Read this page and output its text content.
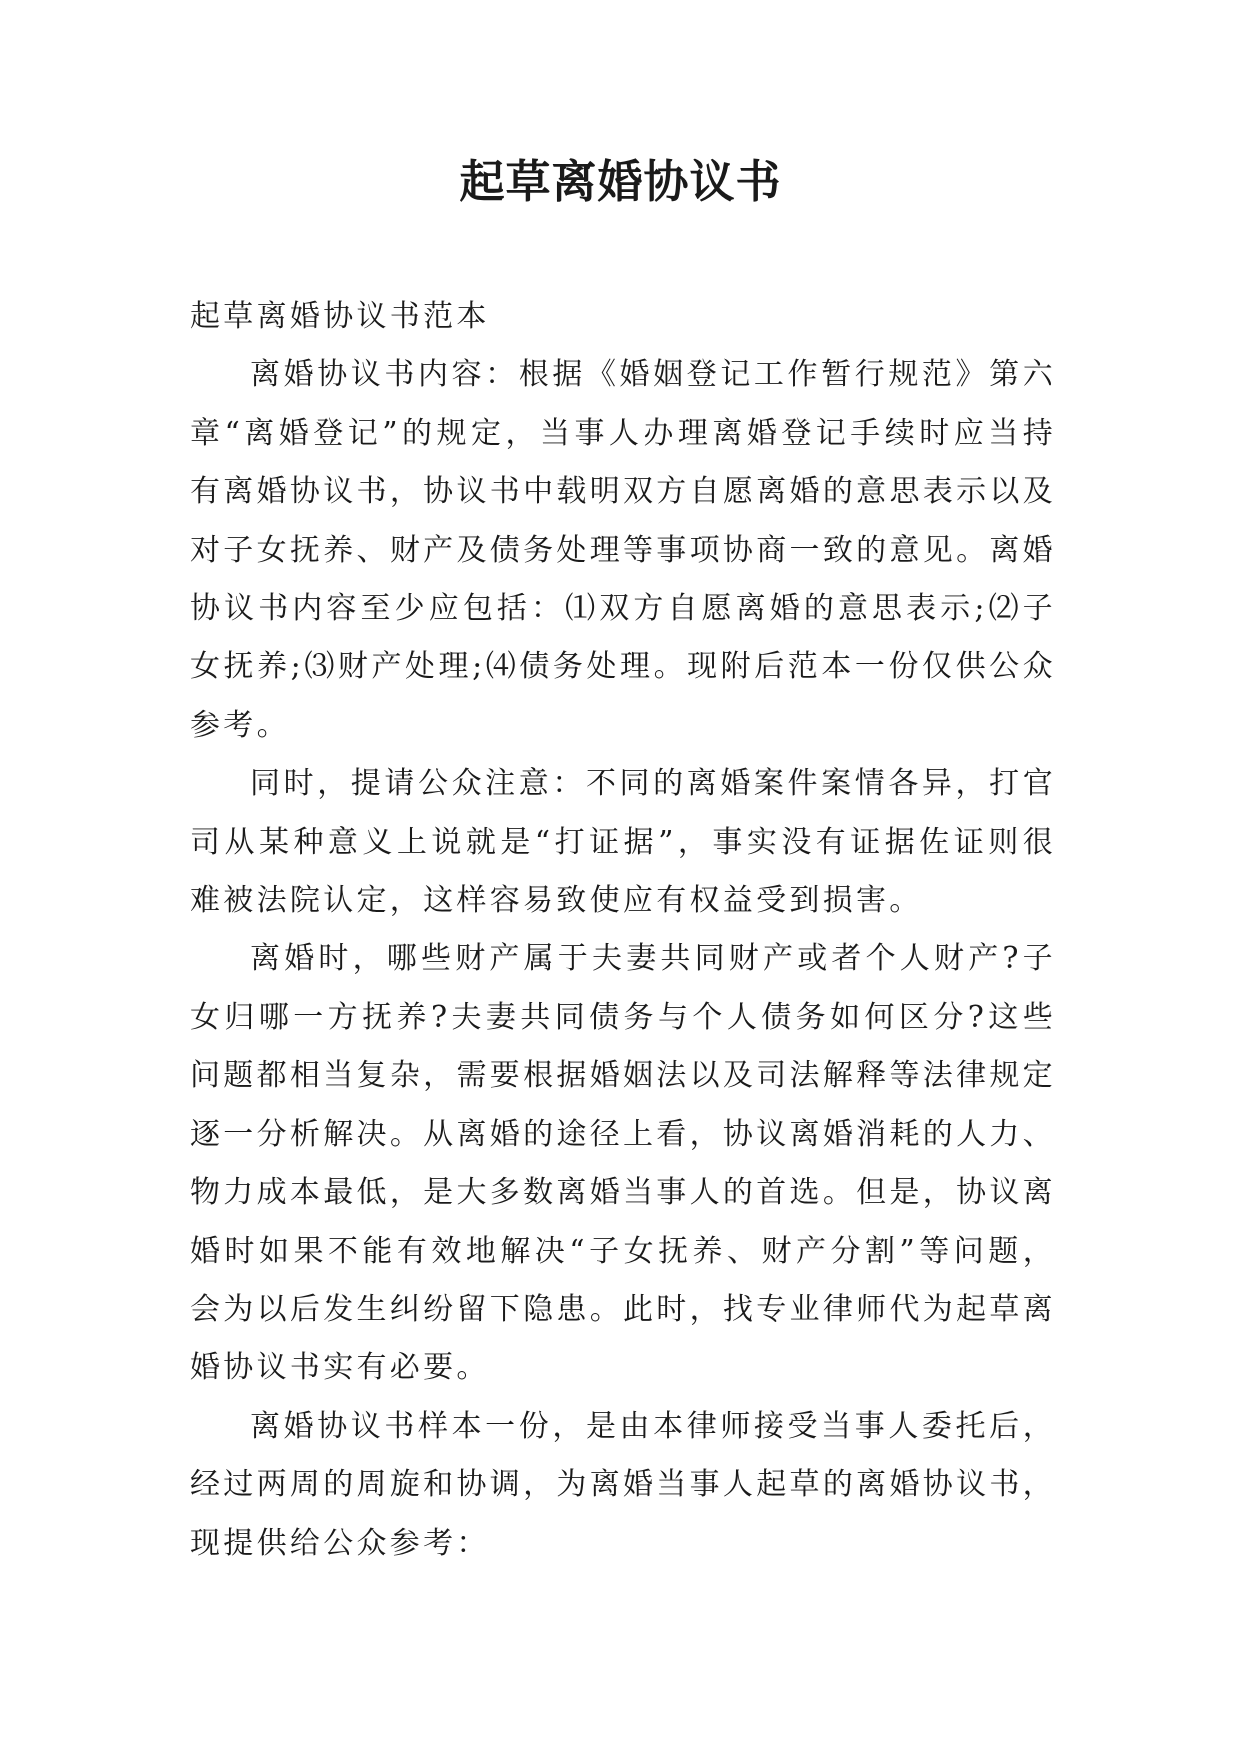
起草离婚协议书

起草离婚协议书范本

离婚协议书内容：根据《婚姻登记工作暂行规范》第六章“离婚登记”的规定，当事人办理离婚登记手续时应当持有离婚协议书，协议书中载明双方自愿离婚的意思表示以及对子女抚养、财产及债务处理等事项协商一致的意见。离婚协议书内容至少应包括：⑴双方自愿离婚的意思表示;⑵子女抚养;⑶财产处理;⑷债务处理。现附后范本一份仅供公众参考。

同时，提请公众注意：不同的离婚案件案情各异，打官司从某种意义上说就是“打证据”，事实没有证据佐证则很难被法院认定，这样容易致使应有权益受到损害。

离婚时，哪些财产属于夫妻共同财产或者个人财产?子女归哪一方抚养?夫妻共同债务与个人债务如何区分?这些问题都相当复杂，需要根据婚姻法以及司法解释等法律规定逐一分析解决。从离婚的途径上看，协议离婚消耗的人力、物力成本最低，是大多数离婚当事人的首选。但是，协议离婚时如果不能有效地解决“子女抚养、财产分割”等问题，会为以后发生纠纷留下隐患。此时，找专业律师代为起草离婚协议书实有必要。

离婚协议书样本一份，是由本律师接受当事人委托后，经过两周的周旋和协调，为离婚当事人起草的离婚协议书，现提供给公众参考：
